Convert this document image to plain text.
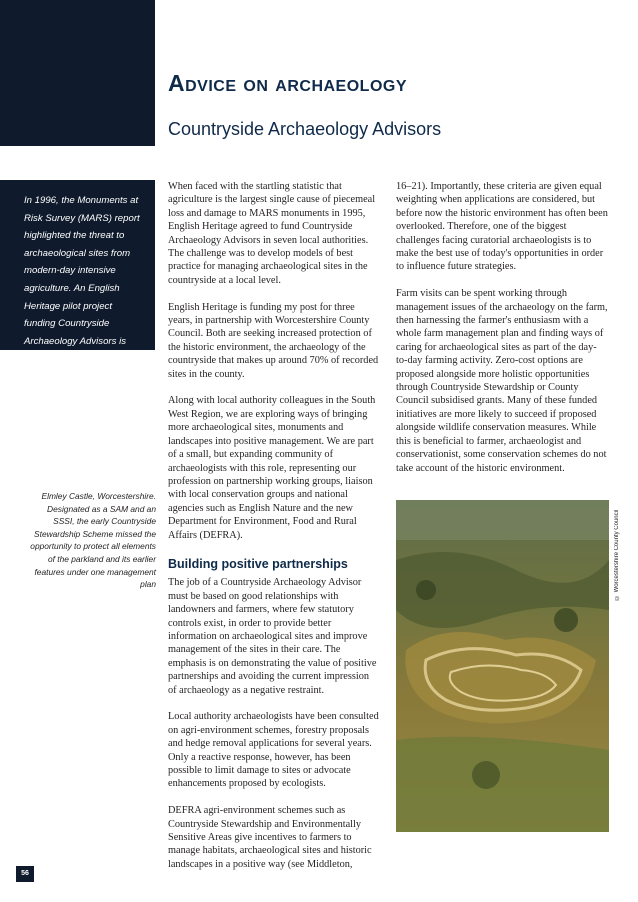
Advice on archaeology
Countryside Archaeology Advisors

In 1996, the Monuments at Risk Survey (MARS) report highlighted the threat to archaeological sites from modern-day intensive agriculture. An English Heritage pilot project funding Countryside Archaeology Advisors is starting to redress the imbalance

Elmley Castle, Worcestershire. Designated as a SAM and an SSSI, the early Countryside Stewardship Scheme missed the opportunity to protect all elements of the parkland and its earlier features under one management plan

When faced with the startling statistic that agriculture is the largest single cause of piecemeal loss and damage to MARS monuments in 1995, English Heritage agreed to fund Countryside Archaeology Advisors in seven local authorities. The challenge was to develop models of best practice for managing archaeological sites in the countryside at a local level.

English Heritage is funding my post for three years, in partnership with Worcestershire County Council. Both are seeking increased protection of the historic environment, the archaeology of the countryside that makes up around 70% of recorded sites in the county.

Along with local authority colleagues in the South West Region, we are exploring ways of bringing more archaeological sites, monuments and landscapes into positive management. We are part of a small, but expanding community of archaeologists with this role, representing our profession on partnership working groups, liaison with local conservation groups and national agencies such as English Nature and the new Department for Environment, Food and Rural Affairs (DEFRA).

Building positive partnerships

The job of a Countryside Archaeology Advisor must be based on good relationships with landowners and farmers, where few statutory controls exist, in order to provide better information on archaeological sites and improve management of the sites in their care. The emphasis is on demonstrating the value of positive partnerships and avoiding the current impression of archaeology as a negative restraint.

Local authority archaeologists have been consulted on agri-environment schemes, forestry proposals and hedge removal applications for several years. Only a reactive response, however, has been possible to limit damage to sites or advocate enhancements proposed by ecologists.

DEFRA agri-environment schemes such as Countryside Stewardship and Environmentally Sensitive Areas give incentives to farmers to manage habitats, archaeological sites and historic landscapes in a positive way (see Middleton,

16–21). Importantly, these criteria are given equal weighting when applications are considered, but before now the historic environment has often been overlooked. Therefore, one of the biggest challenges facing curatorial archaeologists is to make the best use of today's opportunities in order to influence future strategies.

Farm visits can be spent working through management issues of the archaeology on the farm, then harnessing the farmer's enthusiasm with a whole farm management plan and finding ways of caring for archaeological sites as part of the day-to-day farming activity. Zero-cost options are proposed alongside more holistic opportunities through Countryside Stewardship or County Council subsidised grants. Many of these funded initiatives are more likely to succeed if proposed alongside wildlife conservation measures. While this is beneficial to farmer, archaeologist and conservationist, some conservation schemes do not take account of the historic environment.

© Worcestershire County Council
56
